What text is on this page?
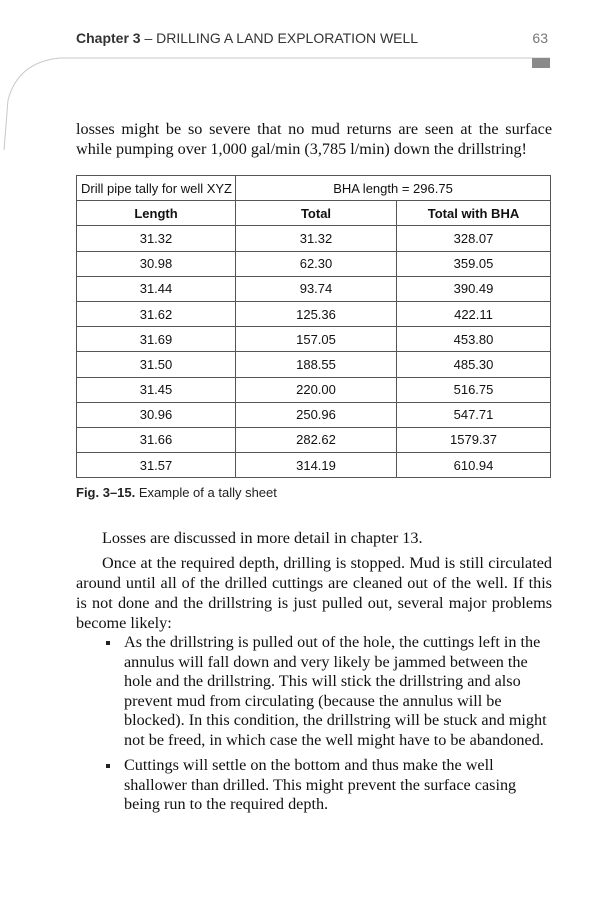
Chapter 3 – DRILLING A LAND EXPLORATION WELL	63

losses might be so severe that no mud returns are seen at the surface while pumping over 1,000 gal/min (3,785 l/min) down the drillstring!

Drill pipe tally for well XYZ	BHA length = 296.75	
Length	Total	Total with BHA
31.32	31.32	328.07
30.98	62.30	359.05
31.44	93.74	390.49
31.62	125.36	422.11
31.69	157.05	453.80
31.50	188.55	485.30
31.45	220.00	516.75
30.96	250.96	547.71
31.66	282.62	1579.37
31.57	314.19	610.94
Fig. 3–15. Example of a tally sheet

Losses are discussed in more detail in chapter 13.

Once at the required depth, drilling is stopped. Mud is still circulated around until all of the drilled cuttings are cleaned out of the well. If this is not done and the drillstring is just pulled out, several major problems become likely:

As the drillstring is pulled out of the hole, the cuttings left in the annulus will fall down and very likely be jammed between the hole and the drillstring. This will stick the drillstring and also prevent mud from circulating (because the annulus will be blocked). In this condition, the drillstring will be stuck and might not be freed, in which case the well might have to be abandoned.
Cuttings will settle on the bottom and thus make the well shallower than drilled. This might prevent the surface casing being run to the required depth.
